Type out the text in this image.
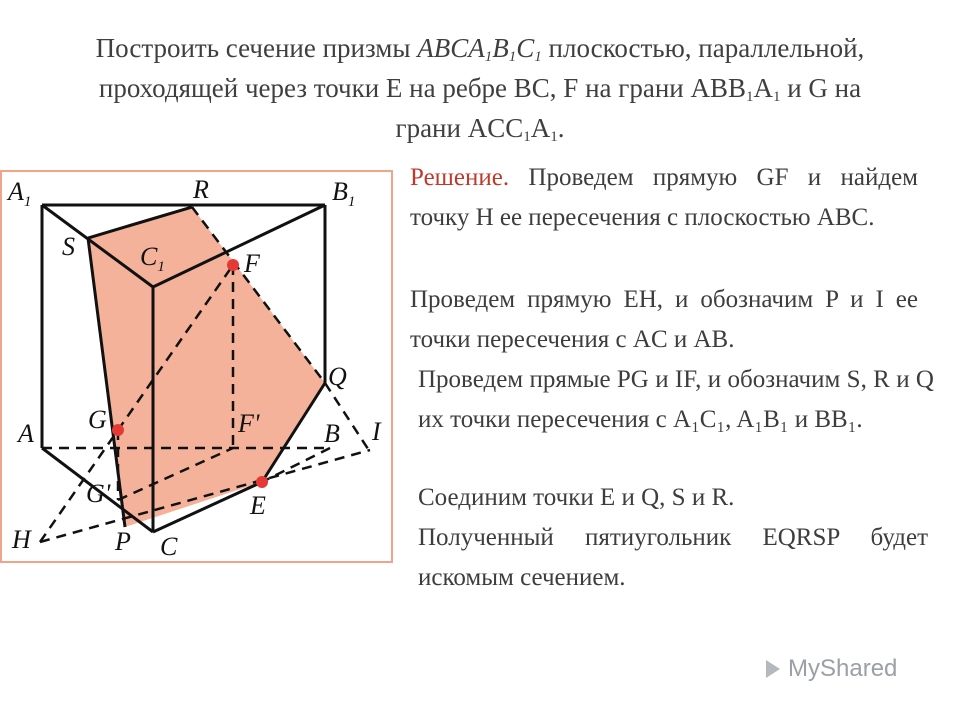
Построить сечение призмы $ABCA_1B_1C_1$ плоскостью, параллельной,
проходящей через точки E на ребре BC, F на грани $ABB_1A_1$ и G на
грани $ACC_1A_1$.
$A_1$	R	$B_1$
S	$C_1$	F
Q
A G	F' B I
G'	E
H	P C

Решение. Проведем прямую GF и найдем точку H ее пересечения с плоскостью ABC.

Проведем прямую EH, и обозначим P и I ее точки пересечения с AC и AB.

Проведем прямые PG и IF, и обозначим S, R и Q их точки пересечения с A₁C₁, A₁B₁ и BB₁.

Соединим точки E и Q, S и R.

Полученный пятиугольник EQRSP будет искомым сечением.

MyShared
